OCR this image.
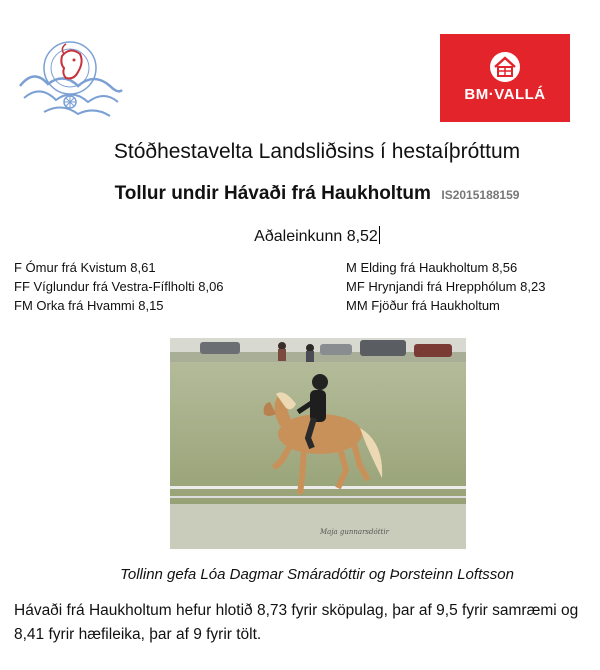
BM·VALLÁ
Stóðhestavelta Landsliðsins í hestaíþróttum
Tollur undir Hávaði frá Haukholtum IS2015188159
Aðaleinkunn 8,52
F Ómur frá Kvistum 8,61
FF Víglundur frá Vestra-Fíflholti 8,06
FM Orka frá Hvammi 8,15
M Elding frá Haukholtum 8,56
MF Hrynjandi frá Hrepphólum 8,23
MM Fjöður frá Haukholtum
Maja gunnarsdóttir
Tollinn gefa Lóa Dagmar Smáradóttir og Þorsteinn Loftsson
Hávaði frá Haukholtum hefur hlotið 8,73 fyrir sköpulag, þar af 9,5 fyrir samræmi og 8,41 fyrir hæfileika, þar af 9 fyrir tölt.
